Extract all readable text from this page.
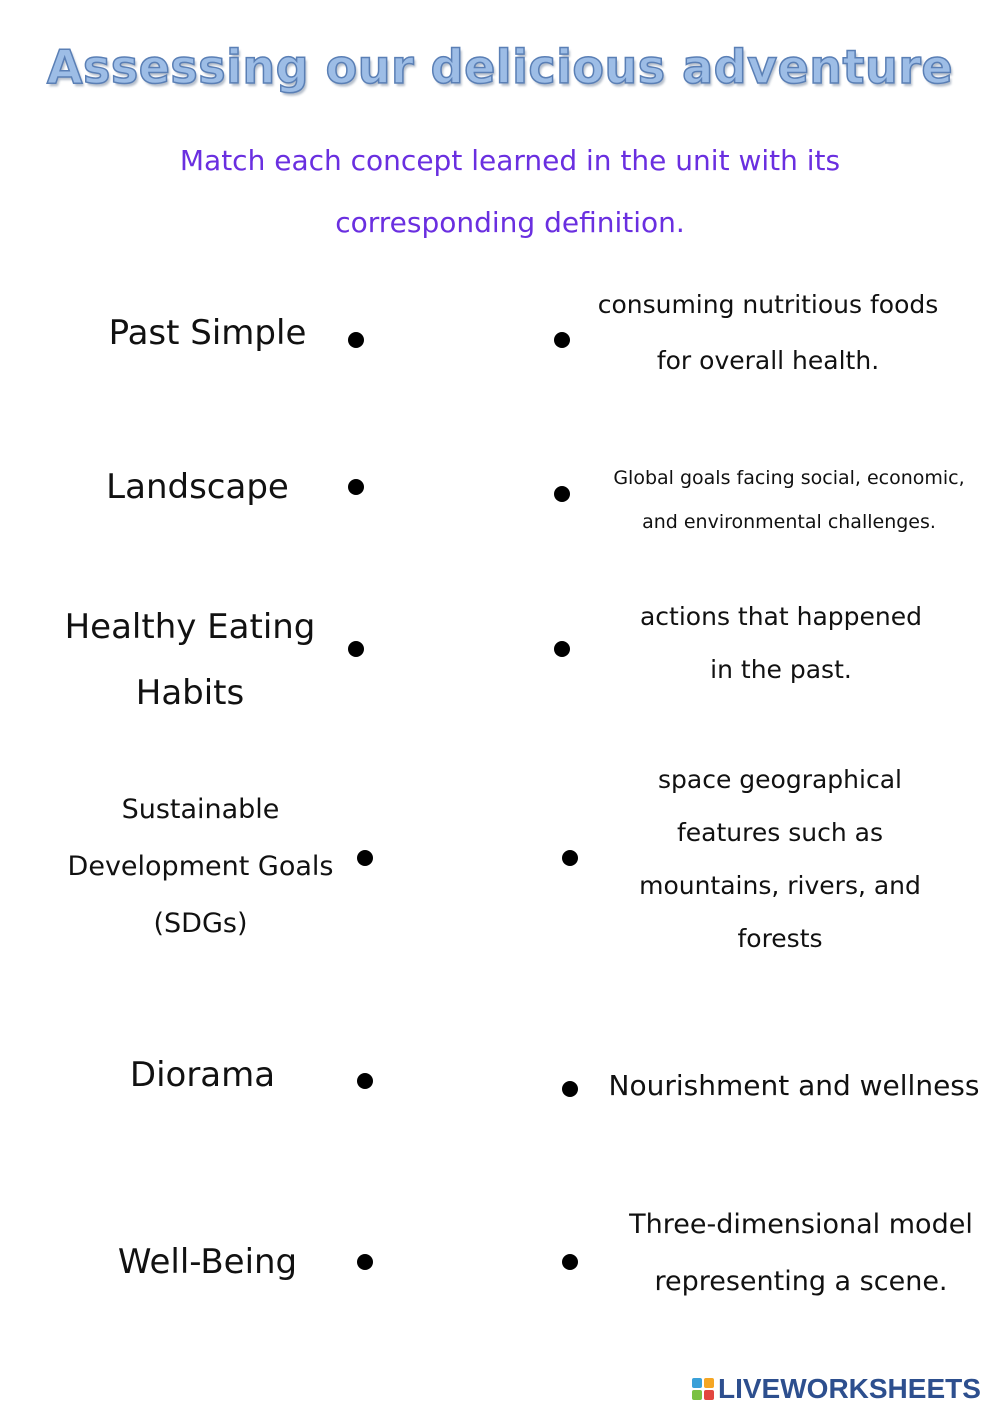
Assessing our delicious adventure
Match each concept learned in the unit with its
corresponding definition.
Past Simple
Landscape
Healthy Eating
Habits
Sustainable
Development Goals
(SDGs)
Diorama
Well-Being
consuming nutritious foods
for overall health.
Global goals facing social, economic,
and environmental challenges.
actions that happened
in the past.
space geographical
features such as
mountains, rivers, and
forests
Nourishment and wellness
Three-dimensional model
representing a scene.
LIVEWORKSHEETS
